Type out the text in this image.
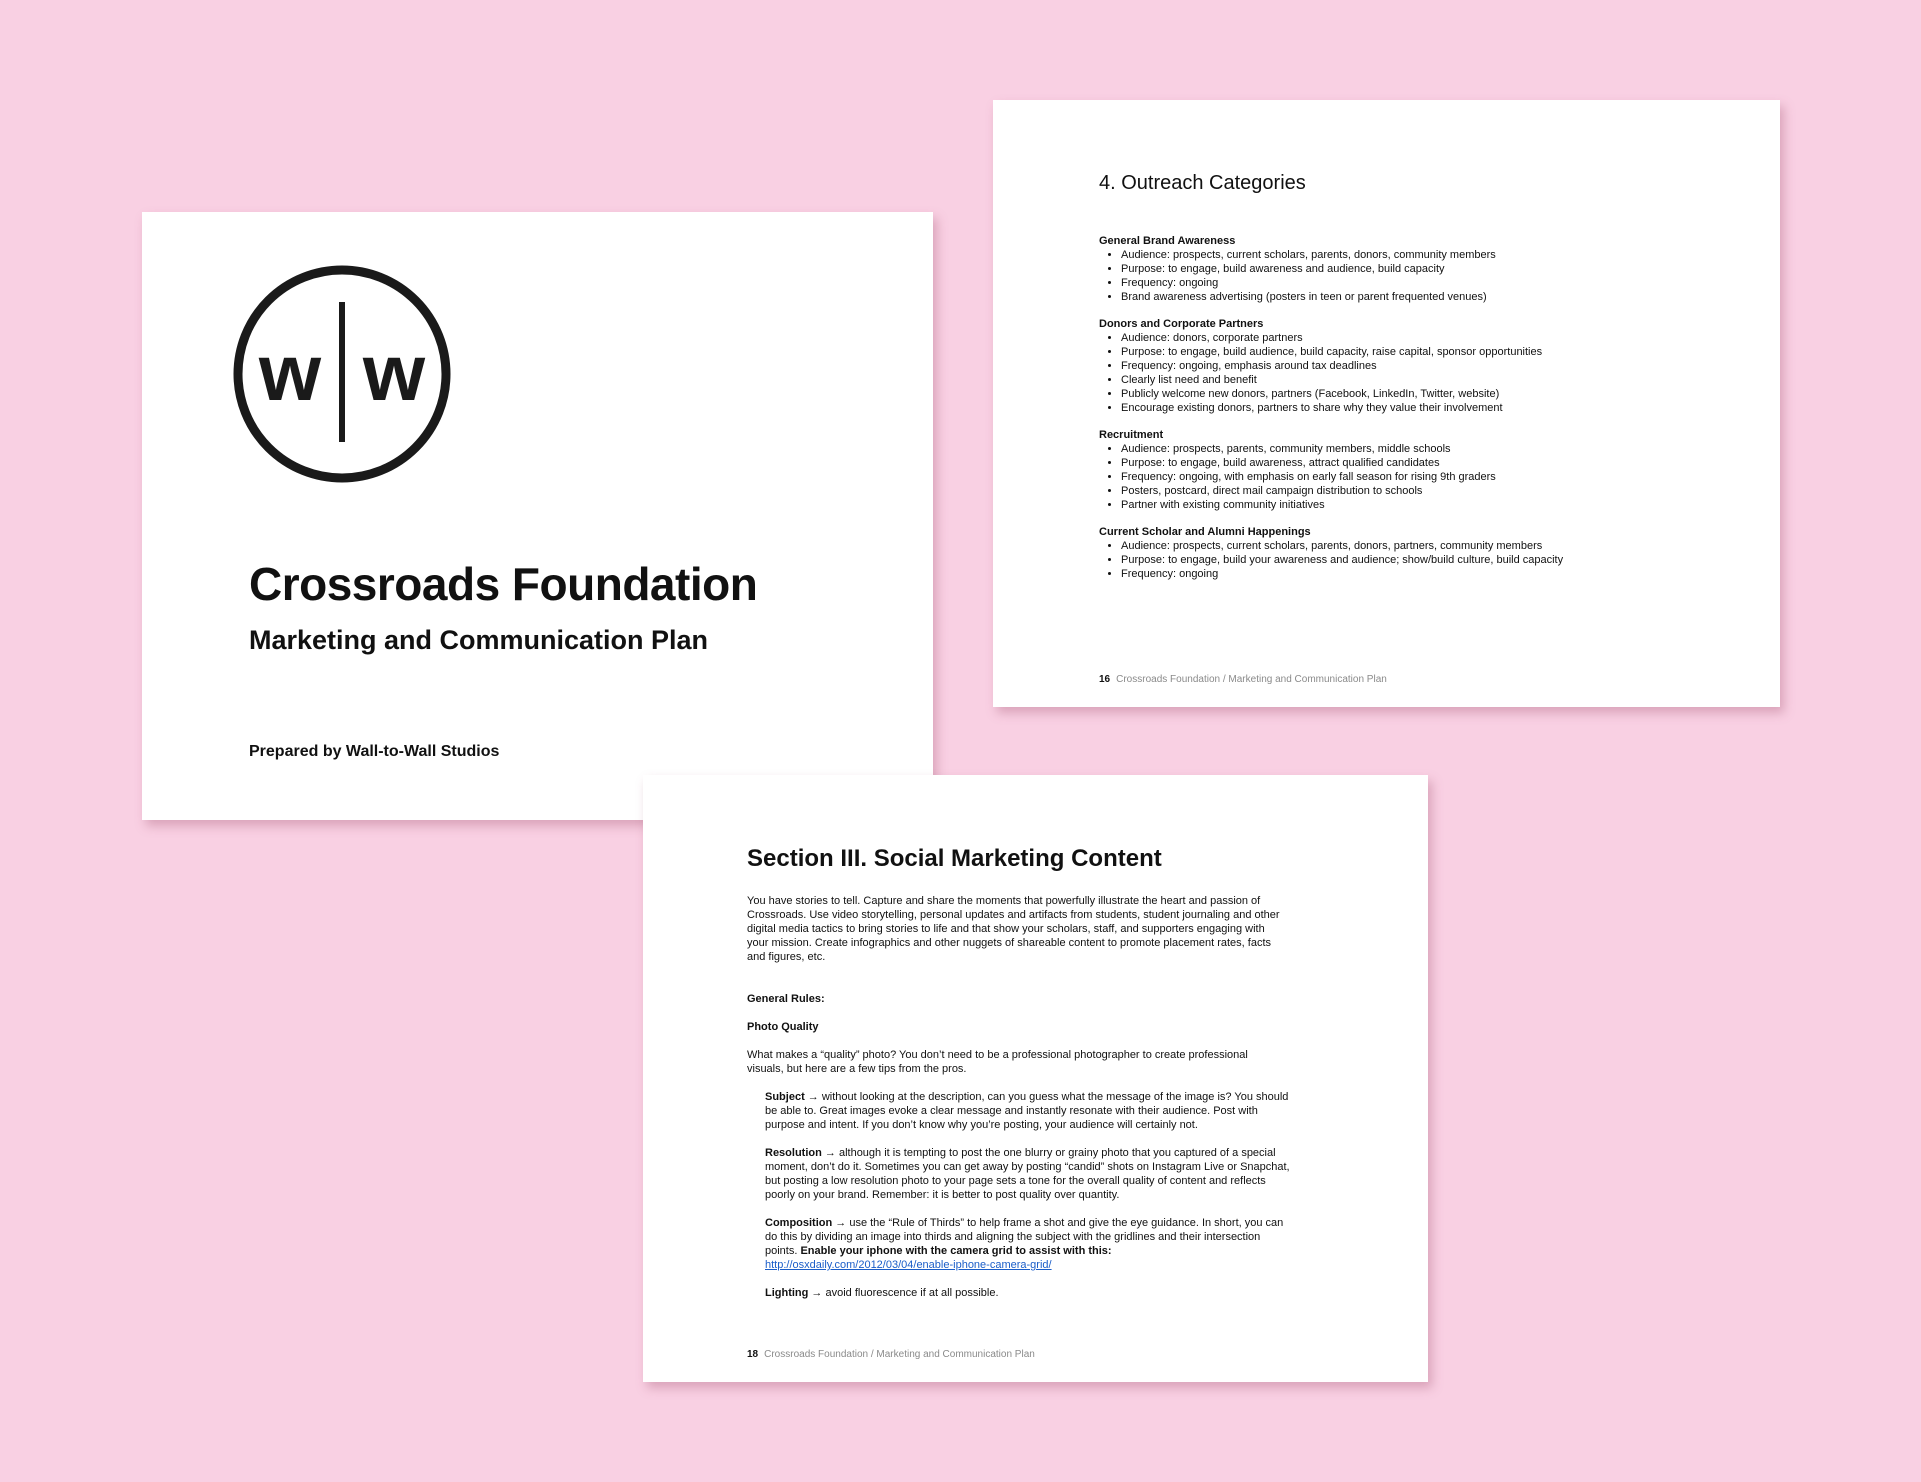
w w
Crossroads Foundation
Marketing and Communication Plan

Prepared by Wall-to-Wall Studios

4. Outreach Categories
General Brand Awareness
• Audience: prospects, current scholars, parents, donors, community members
• Purpose: to engage, build awareness and audience, build capacity
• Frequency: ongoing
• Brand awareness advertising (posters in teen or parent frequented venues)
Donors and Corporate Partners
• Audience: donors, corporate partners
• Purpose: to engage, build audience, build capacity, raise capital, sponsor opportunities
• Frequency: ongoing, emphasis around tax deadlines
• Clearly list need and benefit
• Publicly welcome new donors, partners (Facebook, LinkedIn, Twitter, website)
• Encourage existing donors, partners to share why they value their involvement
Recruitment
• Audience: prospects, parents, community members, middle schools
• Purpose: to engage, build awareness, attract qualified candidates
• Frequency: ongoing, with emphasis on early fall season for rising 9th graders
• Posters, postcard, direct mail campaign distribution to schools
• Partner with existing community initiatives
Current Scholar and Alumni Happenings
• Audience: prospects, current scholars, parents, donors, partners, community members
• Purpose: to engage, build your awareness and audience; show/build culture, build capacity
• Frequency: ongoing

16 Crossroads Foundation / Marketing and Communication Plan

Section III. Social Marketing Content

You have stories to tell. Capture and share the moments that powerfully illustrate the heart and passion of Crossroads. Use video storytelling, personal updates and artifacts from students, student journaling and other digital media tactics to bring stories to life and that show your scholars, staff, and supporters engaging with your mission. Create infographics and other nuggets of shareable content to promote placement rates, facts and figures, etc.

General Rules:

Photo Quality

What makes a “quality” photo? You don’t need to be a professional photographer to create professional visuals, but here are a few tips from the pros.

Subject → without looking at the description, can you guess what the message of the image is? You should be able to. Great images evoke a clear message and instantly resonate with their audience. Post with purpose and intent. If you don’t know why you’re posting, your audience will certainly not.

Resolution → although it is tempting to post the one blurry or grainy photo that you captured of a special moment, don’t do it. Sometimes you can get away by posting “candid” shots on Instagram Live or Snapchat, but posting a low resolution photo to your page sets a tone for the overall quality of content and reflects poorly on your brand. Remember: it is better to post quality over quantity.

Composition → use the “Rule of Thirds” to help frame a shot and give the eye guidance. In short, you can do this by dividing an image into thirds and aligning the subject with the gridlines and their intersection points. Enable your iphone with the camera grid to assist with this:
http://osxdaily.com/2012/03/04/enable-iphone-camera-grid/

Lighting → avoid fluorescence if at all possible.

18 Crossroads Foundation / Marketing and Communication Plan
